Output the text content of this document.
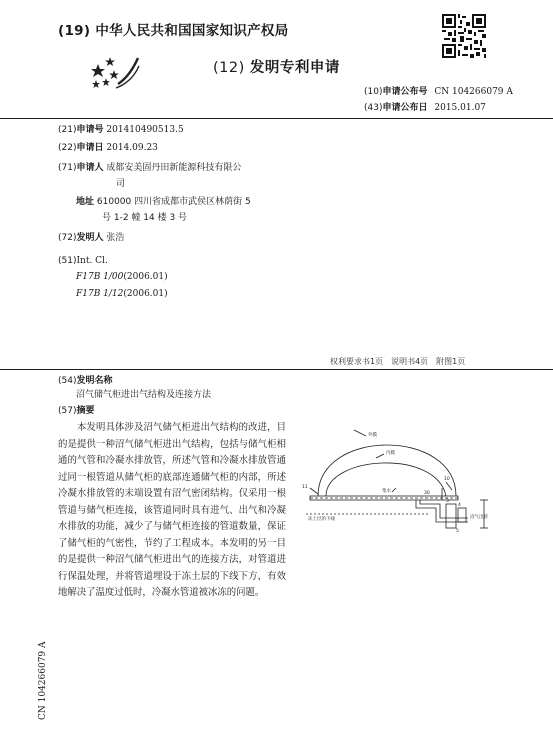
(19) 中华人民共和国国家知识产权局
(12) 发明专利申请
(10)申请公布号 CN 104266079 A
(43)申请公布日 2015.01.07
(21)申请号 201410490513.5
(22)申请日 2014.09.23
(71)申请人 成都安美固丹田新能源科技有限公
司
地址 610000 四川省成都市武侯区林荫街 5
号 1-2 幢 14 楼 3 号
(72)发明人 张浩
(51)Int. Cl.
F17B 1/00(2006.01)
F17B 1/12(2006.01)
权利要求书1页　说明书4页　附图1页
(54)发明名称
沼气储气柜进出气结构及连接方法
(57)摘要
本发明具体涉及沼气储气柜进出气结构的改进，目的是提供一种沼气储气柜进出气结构，包括与储气柜相通的气管和冷凝水排放管，所述气管和冷凝水排放管通过同一根管道从储气柜的底部连通储气柜的内部，所述冷凝水排放管的末端设置有沼气密闭结构。仅采用一根管道与储气柜连接，该管道同时具有进气、出气和冷凝水排放的功能，减少了与储气柜连接的管道数量，保证了储气柜的气密性，节约了工程成本。本发明的另一目的是提供一种沼气储气柜进出气的连接方法，对管道进行保温处理，并将管道埋设于冻土层的下线下方，有效地解决了温度过低时，冷凝水管道被冰冻的问题。
外膜
内膜
集水
冻土层的下线	沼气出管
11
10
30
3
4
5
CN 104266079 A
